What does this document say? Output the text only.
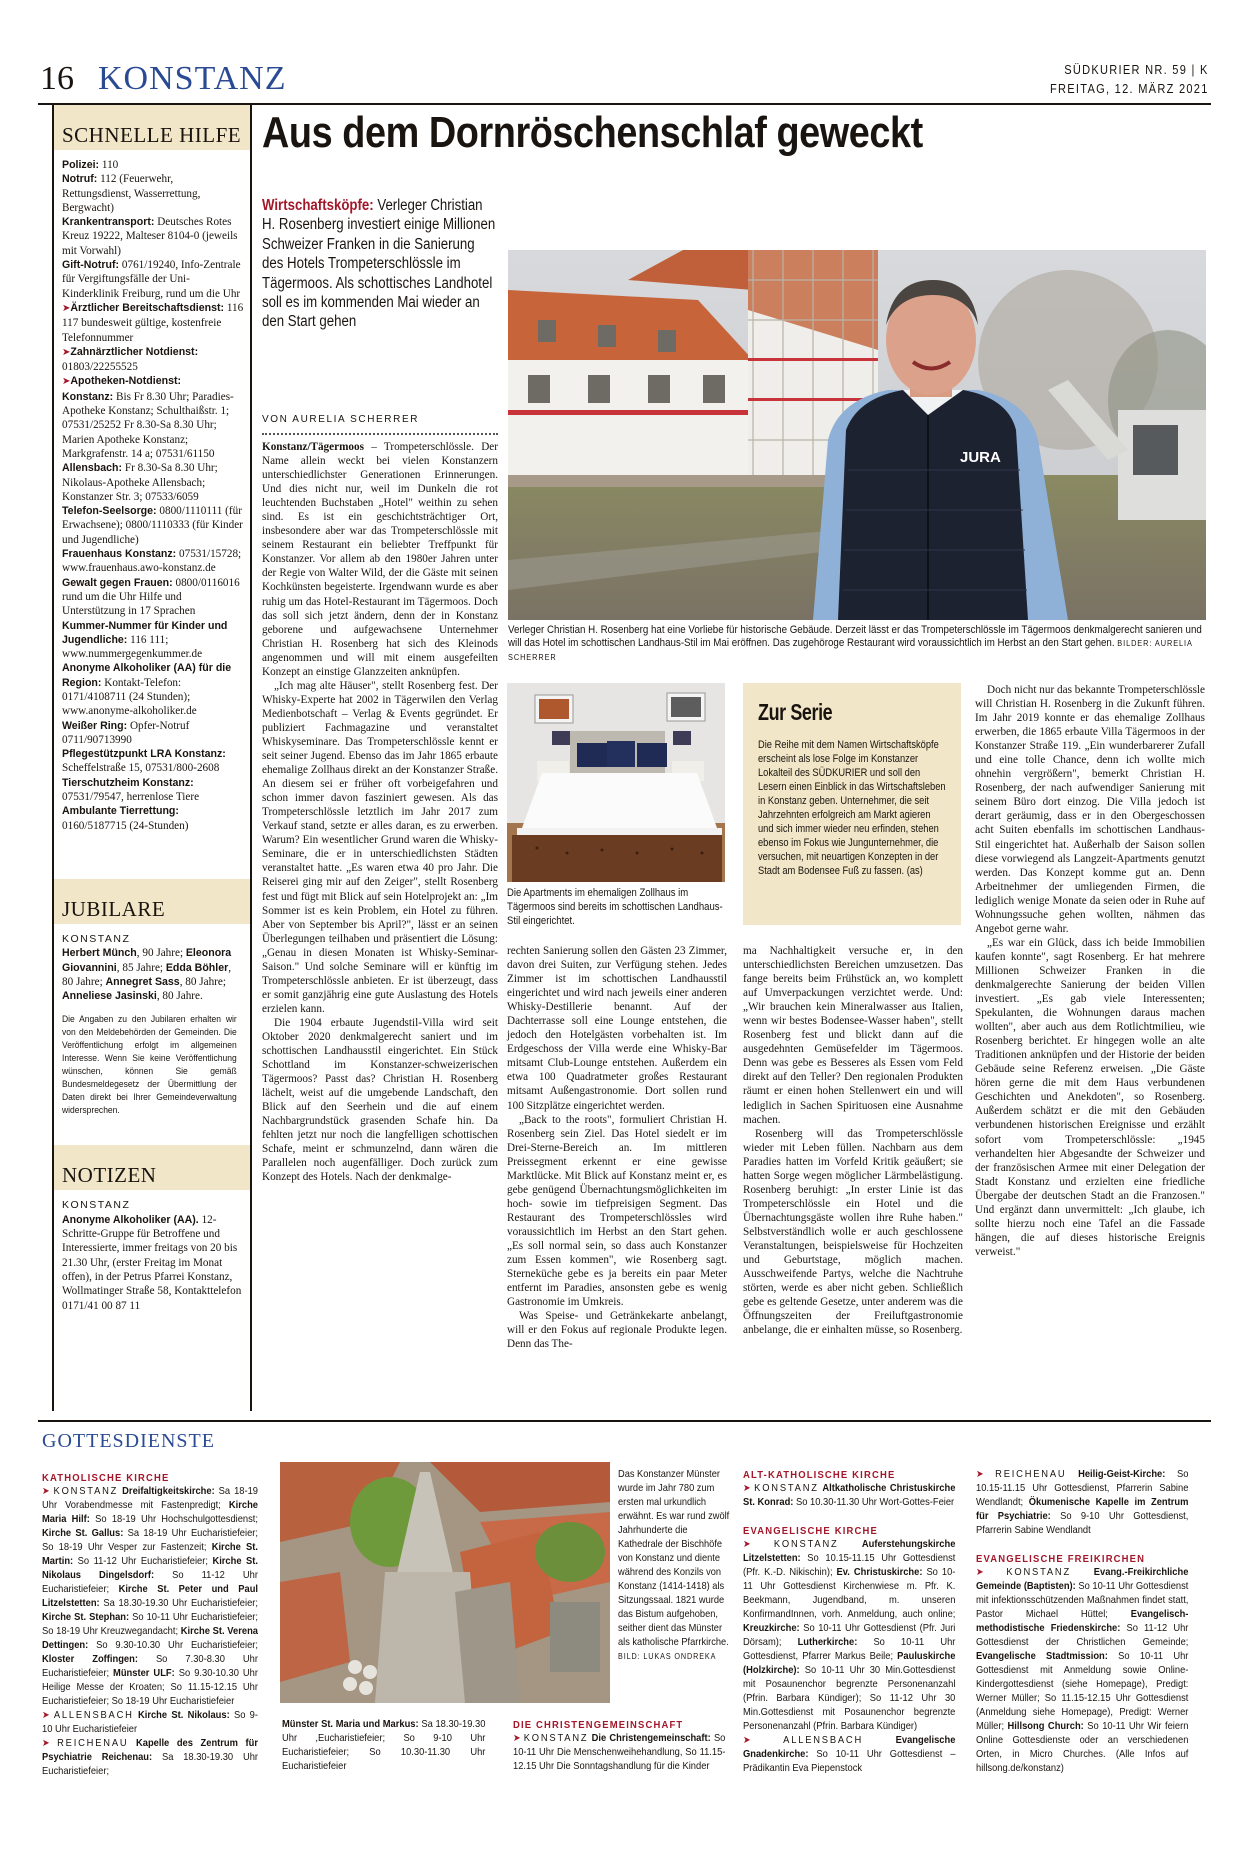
16 KONSTANZ	SÜDKURIER NR. 59 | K
FREITAG, 12. MÄRZ 2021
SCHNELLE HILFE
Polizei: 110
Notruf: 112 (Feuerwehr, Rettungsdienst, Wasserrettung, Bergwacht)
Krankentransport: Deutsches Rotes Kreuz 19222, Malteser 8104-0 (jeweils mit Vorwahl)
Gift-Notruf: 0761/19240, Info-Zentrale für Vergiftungsfälle der Uni-Kinderklinik Freiburg, rund um die Uhr
➤Ärztlicher Bereitschaftsdienst: 116 117 bundesweit gültige, kostenfreie Telefonnummer
➤Zahnärztlicher Notdienst: 01803/22255525
➤Apotheken-Notdienst:
Konstanz: Bis Fr 8.30 Uhr; Paradies-Apotheke Konstanz; Schulthaißstr. 1; 07531/25252 Fr 8.30-Sa 8.30 Uhr; Marien Apotheke Konstanz; Markgrafenstr. 14 a; 07531/61150
Allensbach: Fr 8.30-Sa 8.30 Uhr; Nikolaus-Apotheke Allensbach; Konstanzer Str. 3; 07533/6059
Telefon-Seelsorge: 0800/1110111 (für Erwachsene); 0800/1110333 (für Kinder und Jugendliche)
Frauenhaus Konstanz: 07531/15728; www.frauenhaus.awo-konstanz.de
Gewalt gegen Frauen: 0800/0116016 rund um die Uhr Hilfe und Unterstützung in 17 Sprachen
Kummer-Nummer für Kinder und Jugendliche: 116 111; www.nummergegenkummer.de
Anonyme Alkoholiker (AA) für die Region: Kontakt-Telefon: 0171/4108711 (24 Stunden); www.anonyme-alkoholiker.de
Weißer Ring: Opfer-Notruf 0711/90713990
Pflegestützpunkt LRA Konstanz: Scheffelstraße 15, 07531/800-2608
Tierschutzheim Konstanz: 07531/79547, herrenlose Tiere
Ambulante Tierrettung: 0160/5187715 (24-Stunden)
JUBILARE
KONSTANZ
Herbert Münch, 90 Jahre; Eleonora Giovannini, 85 Jahre; Edda Böhler, 80 Jahre; Annegret Sass, 80 Jahre; Anneliese Jasinski, 80 Jahre.
Die Angaben zu den Jubilaren erhalten wir von den Meldebehörden der Gemeinden. Die Veröffentlichung erfolgt im allgemeinen Interesse. Wenn Sie keine Veröffentlichung wünschen, können Sie gemäß Bundesmeldegesetz der Übermittlung der Daten direkt bei Ihrer Gemeindeverwaltung widersprechen.
NOTIZEN
KONSTANZ
Anonyme Alkoholiker (AA). 12-Schritte-Gruppe für Betroffene und Interessierte, immer freitags von 20 bis 21.30 Uhr, (erster Freitag im Monat offen), in der Petrus Pfarrei Konstanz, Wollmatinger Straße 58, Kontakttelefon 0171/41 00 87 11
Aus dem Dornröschenschlaf geweckt
Wirtschaftsköpfe: Verleger Christian H. Rosenberg investiert einige Millionen Schweizer Franken in die Sanierung des Hotels Trompeterschlössle im Tägermoos. Als schottisches Landhotel soll es im kommenden Mai wieder an den Start gehen
VON AURELIA SCHERRER

Konstanz/Tägermoos – Trompeterschlössle. Der Name allein weckt bei vielen Konstanzern unterschiedlichster Generationen Erinnerungen. Und dies nicht nur, weil im Dunkeln die rot leuchtenden Buchstaben „Hotel" weithin zu sehen sind. Es ist ein geschichtsträchtiger Ort, insbesondere aber war das Trompeterschlössle mit seinem Restaurant ein beliebter Treffpunkt für Konstanzer. Vor allem ab den 1980er Jahren unter der Regie von Walter Wild, der die Gäste mit seinen Kochkünsten begeisterte. Irgendwann wurde es aber ruhig um das Hotel-Restaurant im Tägermoos. Doch das soll sich jetzt ändern, denn der in Konstanz geborene und aufgewachsene Unternehmer Christian H. Rosenberg hat sich des Kleinods angenommen und will mit einem ausgefeilten Konzept an einstige Glanzzeiten anknüpfen.

„Ich mag alte Häuser", stellt Rosenberg fest. Der Whisky-Experte hat 2002 in Tägerwilen den Verlag Medienbotschaft – Verlag & Events gegründet. Er publiziert Fachmagazine und veranstaltet Whiskyseminare. Das Trompeterschlössle kennt er seit seiner Jugend. Ebenso das im Jahr 1865 erbaute ehemalige Zollhaus direkt an der Konstanzer Straße. An diesem sei er früher oft vorbeigefahren und schon immer davon fasziniert gewesen. Als das Trompeterschlössle letztlich im Jahr 2017 zum Verkauf stand, setzte er alles daran, es zu erwerben. Warum? Ein wesentlicher Grund waren die Whisky-Seminare, die er in unterschiedlichsten Städten veranstaltet hatte. „Es waren etwa 40 pro Jahr. Die Reiserei ging mir auf den Zeiger", stellt Rosenberg fest und fügt mit Blick auf sein Hotelprojekt an: „Im Sommer ist es kein Problem, ein Hotel zu führen. Aber von September bis April?", lässt er an seinen Überlegungen teilhaben und präsentiert die Lösung: „Genau in diesen Monaten ist Whisky-Seminar-Saison." Und solche Seminare will er künftig im Trompeterschlössle anbieten. Er ist überzeugt, dass er somit ganzjährig eine gute Auslastung des Hotels erzielen kann.

Die 1904 erbaute Jugendstil-Villa wird seit Oktober 2020 denkmalgerecht saniert und im schottischen Landhausstil eingerichtet. Ein Stück Schottland im Konstanzer-schweizerischen Tägermoos? Passt das? Christian H. Rosenberg lächelt, weist auf die umgebende Landschaft, den Blick auf den Seerhein und die auf einem Nachbargrundstück grasenden Schafe hin. Da fehlten jetzt nur noch die langfelligen schottischen Schafe, meint er schmunzelnd, dann wären die Parallelen noch augenfälliger. Doch zurück zum Konzept des Hotels. Nach der denkmalge-

JURA
Verleger Christian H. Rosenberg hat eine Vorliebe für historische Gebäude. Derzeit lässt er das Trompeterschlössle im Tägermoos denkmalgerecht sanieren und will das Hotel im schottischen Landhaus-Stil im Mai eröffnen. Das zugehöroge Restaurant wird voraussichtlich im Herbst an den Start gehen. BILDER: AURELIA SCHERRER
Die Apartments im ehemaligen Zollhaus im Tägermoos sind bereits im schottischen Landhaus-Stil eingerichtet.
Zur Serie
Die Reihe mit dem Namen Wirtschaftsköpfe erscheint als lose Folge im Konstanzer Lokalteil des SÜDKURIER und soll den Lesern einen Einblick in das Wirtschaftsleben in Konstanz geben. Unternehmer, die seit Jahrzehnten erfolgreich am Markt agieren und sich immer wieder neu erfinden, stehen ebenso im Fokus wie Jungunternehmer, die versuchen, mit neuartigen Konzepten in der Stadt am Bodensee Fuß zu fassen. (as)

rechten Sanierung sollen den Gästen 23 Zimmer, davon drei Suiten, zur Verfügung stehen. Jedes Zimmer ist im schottischen Landhausstil eingerichtet und wird nach jeweils einer anderen Whisky-Destillerie benannt. Auf der Dachterrasse soll eine Lounge entstehen, die jedoch den Hotelgästen vorbehalten ist. Im Erdgeschoss der Villa werde eine Whisky-Bar mitsamt Club-Lounge entstehen. Außerdem ein etwa 100 Quadratmeter großes Restaurant mitsamt Außengastronomie. Dort sollen rund 100 Sitzplätze eingerichtet werden.

„Back to the roots", formuliert Christian H. Rosenberg sein Ziel. Das Hotel siedelt er im Drei-Sterne-Bereich an. Im mittleren Preissegment erkennt er eine gewisse Marktlücke. Mit Blick auf Konstanz meint er, es gebe genügend Übernachtungsmöglichkeiten im hoch- sowie im tiefpreisigen Segment. Das Restaurant des Trompeterschlössles wird voraussichtlich im Herbst an den Start gehen. „Es soll normal sein, so dass auch Konstanzer zum Essen kommen", wie Rosenberg sagt. Sterneküche gebe es ja bereits ein paar Meter entfernt im Paradies, ansonsten gebe es wenig Gastronomie im Umkreis.

Was Speise- und Getränkekarte anbelangt, will er den Fokus auf regionale Produkte legen. Denn das The-

ma Nachhaltigkeit versuche er, in den unterschiedlichsten Bereichen umzusetzen. Das fange bereits beim Frühstück an, wo komplett auf Umverpackungen verzichtet werde. Und: „Wir brauchen kein Mineralwasser aus Italien, wenn wir bestes Bodensee-Wasser haben", stellt Rosenberg fest und blickt dann auf die ausgedehnten Gemüsefelder im Tägermoos. Denn was gebe es Besseres als Essen vom Feld direkt auf den Teller? Den regionalen Produkten räumt er einen hohen Stellenwert ein und will lediglich in Sachen Spirituosen eine Ausnahme machen.

Rosenberg will das Trompeterschlössle wieder mit Leben füllen. Nachbarn aus dem Paradies hatten im Vorfeld Kritik geäußert; sie hatten Sorge wegen möglicher Lärmbelästigung. Rosenberg beruhigt: „In erster Linie ist das Trompeterschlössle ein Hotel und die Übernachtungsgäste wollen ihre Ruhe haben." Selbstverständlich wolle er auch geschlossene Veranstaltungen, beispielsweise für Hochzeiten und Geburtstage, möglich machen. Ausschweifende Partys, welche die Nachtruhe störten, werde es aber nicht geben. Schließlich gebe es geltende Gesetze, unter anderem was die Öffnungszeiten der Freiluftgastronomie anbelange, die er einhalten müsse, so Rosenberg.

Doch nicht nur das bekannte Trompeterschlössle will Christian H. Rosenberg in die Zukunft führen. Im Jahr 2019 konnte er das ehemalige Zollhaus erwerben, die 1865 erbaute Villa Tägermoos in der Konstanzer Straße 119. „Ein wunderbarerer Zufall und eine tolle Chance, denn ich wollte mich ohnehin vergrößern", bemerkt Christian H. Rosenberg, der nach aufwendiger Sanierung mit seinem Büro dort einzog. Die Villa jedoch ist derart geräumig, dass er in den Obergeschossen acht Suiten ebenfalls im schottischen Landhaus-Stil eingerichtet hat. Außerhalb der Saison sollen diese vorwiegend als Langzeit-Apartments genutzt werden. Das Konzept komme gut an. Denn Arbeitnehmer der umliegenden Firmen, die lediglich wenige Monate da seien oder in Ruhe auf Wohnungssuche gehen wollten, nähmen das Angebot gerne wahr.

„Es war ein Glück, dass ich beide Immobilien kaufen konnte", sagt Rosenberg. Er hat mehrere Millionen Schweizer Franken in die denkmalgerechte Sanierung der beiden Villen investiert. „Es gab viele Interessenten; Spekulanten, die Wohnungen daraus machen wollten", aber auch aus dem Rotlichtmilieu, wie Rosenberg berichtet. Er hingegen wolle an alte Traditionen anknüpfen und der Historie der beiden Gebäude seine Referenz erweisen. „Die Gäste hören gerne die mit dem Haus verbundenen Geschichten und Anekdoten", so Rosenberg. Außerdem schätzt er die mit den Gebäuden verbundenen historischen Ereignisse und erzählt sofort vom Trompeterschlössle: „1945 verhandelten hier Abgesandte der Schweizer und der französischen Armee mit einer Delegation der Stadt Konstanz und erzielten eine friedliche Übergabe der deutschen Stadt an die Franzosen." Und ergänzt dann unvermittelt: „Ich glaube, ich sollte hierzu noch eine Tafel an die Fassade hängen, die auf dieses historische Ereignis verweist."

GOTTESDIENSTE
KATHOLISCHE KIRCHE
➤ KONSTANZ Dreifaltigkeitskirche: Sa 18-19 Uhr Vorabendmesse mit Fastenpredigt; Kirche Maria Hilf: So 18-19 Uhr Hochschulgottesdienst; Kirche St. Gallus: Sa 18-19 Uhr Eucharistiefeier; So 18-19 Uhr Vesper zur Fastenzeit; Kirche St. Martin: So 11-12 Uhr Eucharistiefeier; Kirche St. Nikolaus Dingelsdorf: So 11-12 Uhr Eucharistiefeier; Kirche St. Peter und Paul Litzelstetten: Sa 18.30-19.30 Uhr Eucharistiefeier; Kirche St. Stephan: So 10-11 Uhr Eucharistiefeier; So 18-19 Uhr Kreuzwegandacht; Kirche St. Verena Dettingen: So 9.30-10.30 Uhr Eucharistiefeier; Kloster Zoffingen: So 7.30-8.30 Uhr Eucharistiefeier; Münster ULF: So 9.30-10.30 Uhr Heilige Messe der Kroaten; So 11.15-12.15 Uhr Eucharistiefeier; So 18-19 Uhr Eucharistiefeier
➤ ALLENSBACH Kirche St. Nikolaus: So 9-10 Uhr Eucharistiefeier
➤ REICHENAU Kapelle des Zentrum für Psychiatrie Reichenau: Sa 18.30-19.30 Uhr Eucharistiefeier;
Das Konstanzer Münster wurde im Jahr 780 zum ersten mal urkundlich erwähnt. Es war rund zwölf Jahrhunderte die Kathedrale der Bischhöfe von Konstanz und diente während des Konzils von Konstanz (1414-1418) als Sitzungssaal. 1821 wurde das Bistum aufgehoben, seither dient das Münster als katholische Pfarrkirche.
BILD: LUKAS ONDREKA
Münster St. Maria und Markus: Sa 18.30-19.30 Uhr ,Eucharistiefeier; So 9-10 Uhr Eucharistiefeier; So 10.30-11.30 Uhr Eucharistiefeier
DIE CHRISTENGEMEINSCHAFT
➤ KONSTANZ Die Christengemeinschaft: So 10-11 Uhr Die Menschenweihehandlung, So 11.15-12.15 Uhr Die Sonntagshandlung für die Kinder
ALT-KATHOLISCHE KIRCHE
➤ KONSTANZ Altkatholische Christuskirche St. Konrad: So 10.30-11.30 Uhr Wort-Gottes-Feier
EVANGELISCHE KIRCHE
➤ KONSTANZ Auferstehungskirche Litzelstetten: So 10.15-11.15 Uhr Gottesdienst (Pfr. K.-D. Nikischin); Ev. Christuskirche: So 10-11 Uhr Gottesdienst Kirchenwiese m. Pfr. K. Beekmann, Jugendband, m. unseren KonfirmandInnen, vorh. Anmeldung, auch online; Kreuzkirche: So 10-11 Uhr Gottesdienst (Pfr. Juri Dörsam); Lutherkirche: So 10-11 Uhr Gottesdienst, Pfarrer Markus Beile; Pauluskirche (Holzkirche): So 10-11 Uhr 30 Min.Gottesdienst mit Posaunenchor begrenzte Personenanzahl (Pfrin. Barbara Kündiger); So 11-12 Uhr 30 Min.Gottesdienst mit Posaunenchor begrenzte Personenanzahl (Pfrin. Barbara Kündiger)
➤	ALLENSBACH	Evangelische Gnadenkirche: So 10-11 Uhr Gottesdienst – Prädikantin Eva Piepenstock
➤ REICHENAU Heilig-Geist-Kirche: So 10.15-11.15 Uhr Gottesdienst, Pfarrerin Sabine Wendlandt; Ökumenische Kapelle im Zentrum für Psychiatrie: So 9-10 Uhr Gottesdienst, Pfarrerin Sabine Wendlandt
EVANGELISCHE FREIKIRCHEN
➤ KONSTANZ Evang.-Freikirchliche Gemeinde (Baptisten): So 10-11 Uhr Gottesdienst mit infektionsschützenden Maßnahmen findet statt, Pastor Michael Hüttel; Evangelisch-methodistische Friedenskirche: So 11-12 Uhr Gottesdienst der Christlichen Gemeinde; Evangelische Stadtmission: So 10-11 Uhr Gottesdienst mit Anmeldung sowie Online-Kindergottesdienst (siehe Homepage), Predigt: Werner Müller; So 11.15-12.15 Uhr Gottesdienst (Anmeldung siehe Homepage), Predigt: Werner Müller; Hillsong Church: So 10-11 Uhr Wir feiern Online Gottesdienste oder an verschiedenen Orten, in Micro Churches. (Alle Infos auf hillsong.de/konstanz)
